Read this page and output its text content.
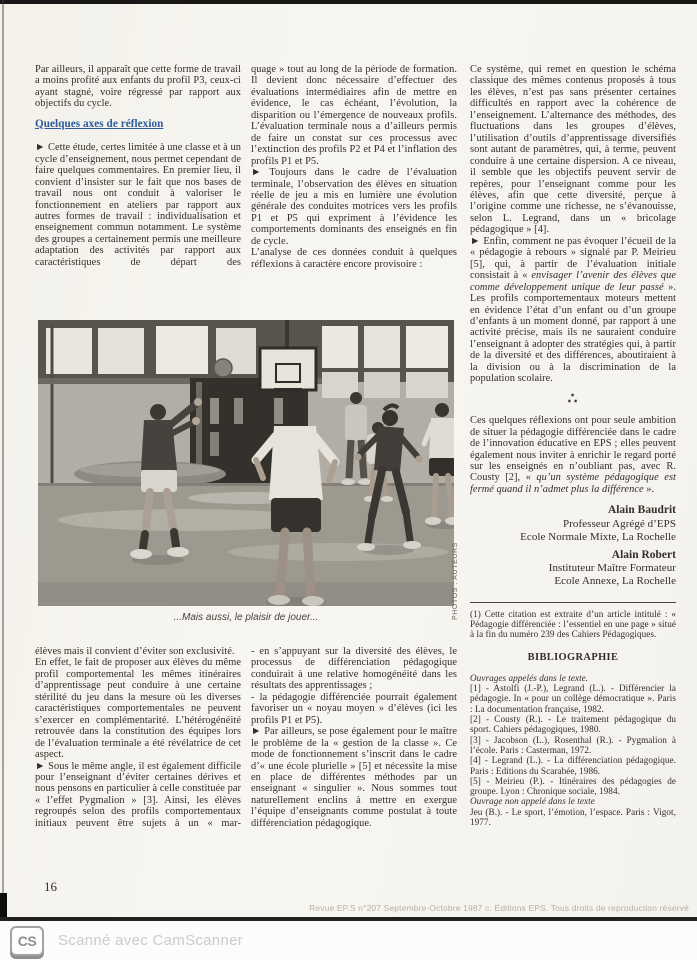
Par ailleurs, il apparaît que cette forme de travail a moins profité aux enfants du profil P3, ceux-ci ayant stagné, voire régressé par rapport aux objectifs du cycle.

Quelques axes de réflexion

► Cette étude, certes limitée à une classe et à un cycle d’enseignement, nous permet cependant de faire quelques commentaires. En premier lieu, il convient d’insister sur le fait que nos bases de travail nous ont conduit à valoriser le fonctionnement en ateliers par rapport aux autres formes de travail : individualisation et enseignement commun notamment. Le système des groupes a certainement permis une meilleure adaptation des activités par rapport aux caractéristiques de départ des

quage » tout au long de la période de formation. Il devient donc nécessaire d’effectuer des évaluations intermédiaires afin de mettre en évidence, le cas échéant, l’évolution, la disparition ou l’émergence de nouveaux profils. L’évaluation terminale nous a d’ailleurs permis de faire un constat sur ces processus avec l’extinction des profils P2 et P4 et l’inflation des profils P1 et P5.

► Toujours dans le cadre de l’évaluation terminale, l’observation des élèves en situation réelle de jeu a mis en lumière une évolution générale des conduites motrices vers les profils P1 et P5 qui expriment à l’évidence les comportements dominants des enseignés en fin de cycle.

L’analyse de ces données conduit à quelques réflexions à caractère encore provisoire :

Ce système, qui remet en question le schéma classique des mêmes contenus proposés à tous les élèves, n’est pas sans présenter certaines difficultés en rapport avec la cohérence de l’enseignement. L’alternance des méthodes, des fluctuations dans les groupes d’élèves, l’utilisation d’outils d’apprentissage diversifiés sont autant de paramètres, qui, à terme, peuvent conduire à une certaine dispersion. A ce niveau, il semble que les objectifs peuvent servir de repères, pour l’enseignant comme pour les élèves, afin que cette diversité, perçue à l’origine comme une richesse, ne s’évanouisse, selon L. Legrand, dans un « bricolage pédagogique » [4].

► Enfin, comment ne pas évoquer l’écueil de la « pédagogie à rebours » signalé par P. Meirieu [5], qui, à partir de l’évaluation initiale consistait à « envisager l’avenir des élèves que comme développement unique de leur passé ». Les profils comportementaux moteurs mettent en évidence l’état d’un enfant ou d’un groupe d’enfants à un moment donné, par rapport à une activité précise, mais ils ne sauraient conduire l’enseignant à adopter des stratégies qui, à partir de la diversité et des différences, aboutiraient à la division ou à la discrimination de la population scolaire.

∴

Ces quelques réflexions ont pour seule ambition de situer la pédagogie différenciée dans le cadre de l’innovation éducative en EPS ; elles peuvent également nous inviter à enrichir le regard porté sur les enseignés en n’oubliant pas, avec R. Cousty [2], « qu’un système pédagogique est fermé quand il n’admet plus la différence ».

Alain Baudrit

Professeur Agrégé d’EPS

Ecole Normale Mixte, La Rochelle

Alain Robert

Instituteur Maître Formateur

Ecole Annexe, La Rochelle

(1) Cette citation est extraite d’un article intitulé : « Pédagogie différenciée : l’essentiel en une page » situé à la fin du numéro 239 des Cahiers Pédagogiques.

BIBLIOGRAPHIE

Ouvrages appelés dans le texte.

[1] - Astolfi (J.-P.), Legrand (L.). - Différencier la pédagogie. In « pour un collège démocratique ». Paris : La documentation française, 1982.

[2] - Cousty (R.). - Le traitement pédagogique du sport. Cahiers pédagogiques, 1980.

[3] - Jacobson (L.), Rosenthal (R.). - Pygmalion à l’école. Paris : Casterman, 1972.

[4] - Legrand (L.). - La différenciation pédagogique. Paris : Editions du Scarabée, 1986.

[5] - Meirieu (P.). - Itinéraires des pédagogies de groupe. Lyon : Chronique sociale, 1984.

Ouvrage non appelé dans le texte

Jeu (B.). - Le sport, l’émotion, l’espace. Paris : Vigot, 1977.

...Mais aussi, le plaisir de jouer...	PHOTOS : AUTEURS

élèves mais il convient d’éviter son exclusivité.

En effet, le fait de proposer aux élèves du même profil comportemental les mêmes itinéraires d’apprentissage peut conduire à une certaine stérilité du jeu dans la mesure où les diverses caractéristiques comportementales ne peuvent s’exercer en complémentarité. L’hétérogénéité retrouvée dans la constitution des équipes lors de l’évaluation terminale a été révélatrice de cet aspect.

► Sous le même angle, il est également difficile pour l’enseignant d’éviter certaines dérives et nous pensons en particulier à celle constituée par « l’effet Pygmalion » [3]. Ainsi, les élèves regroupés selon des profils comportementaux initiaux peuvent être sujets à un « mar-

- en s’appuyant sur la diversité des élèves, le processus de différenciation pédagogique conduirait à une relative homogénéité dans les résultats des apprentissages ;

- la pédagogie différenciée pourrait également favoriser un « noyau moyen » d’élèves (ici les profils P1 et P5).

► Par ailleurs, se pose également pour le maître le problème de la « gestion de la classe ». Ce mode de fonctionnement s’inscrit dans le cadre d’« une école plurielle » [5] et nécessite la mise en place de différentes méthodes par un enseignant « singulier ». Nous sommes tout naturellement enclins à mettre en exergue l’équipe d’enseignants comme postulat à toute différenciation pédagogique.

16
Revue EP.S n°207 Septembre-Octobre 1987 c. Editions EPS. Tous droits de reproduction réservé
CS	Scanné avec CamScanner
